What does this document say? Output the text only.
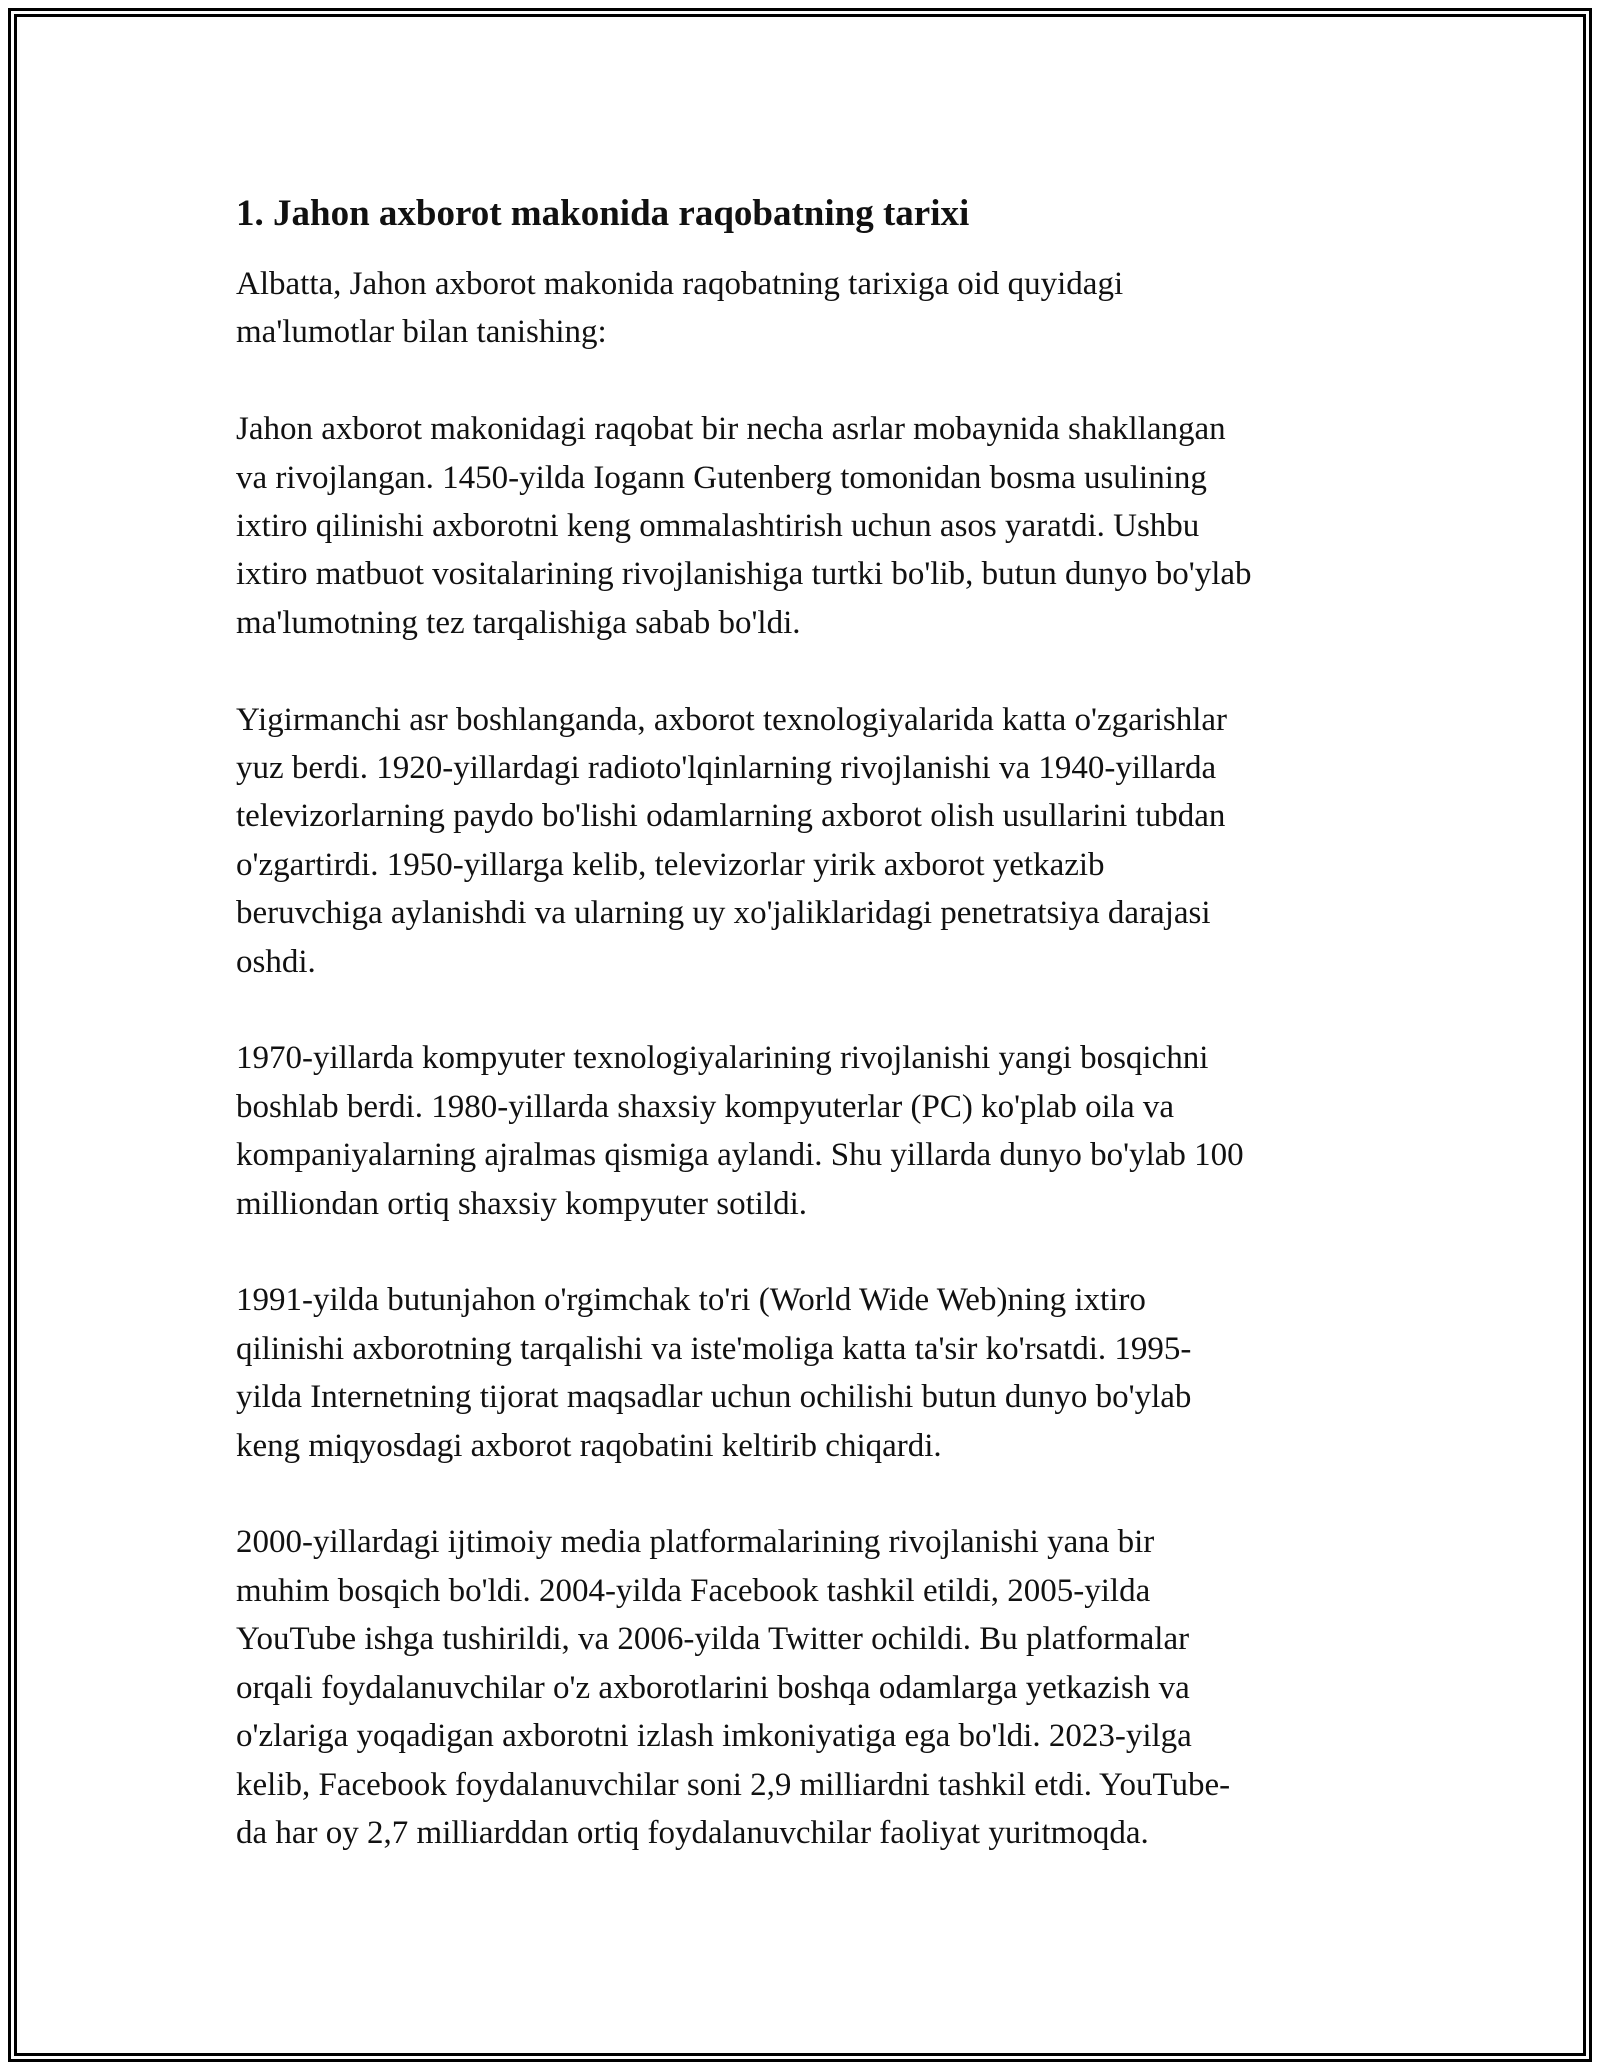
1. Jahon axborot makonida raqobatning tarixi

Albatta, Jahon axborot makonida raqobatning tarixiga oid quyidagi
ma'lumotlar bilan tanishing:

Jahon axborot makonidagi raqobat bir necha asrlar mobaynida shakllangan
va rivojlangan. 1450-yilda Iogann Gutenberg tomonidan bosma usulining
ixtiro qilinishi axborotni keng ommalashtirish uchun asos yaratdi. Ushbu
ixtiro matbuot vositalarining rivojlanishiga turtki bo'lib, butun dunyo bo'ylab
ma'lumotning tez tarqalishiga sabab bo'ldi.

Yigirmanchi asr boshlanganda, axborot texnologiyalarida katta o'zgarishlar
yuz berdi. 1920-yillardagi radioto'lqinlarning rivojlanishi va 1940-yillarda
televizorlarning paydo bo'lishi odamlarning axborot olish usullarini tubdan
o'zgartirdi. 1950-yillarga kelib, televizorlar yirik axborot yetkazib
beruvchiga aylanishdi va ularning uy xo'jaliklaridagi penetratsiya darajasi
oshdi.

1970-yillarda kompyuter texnologiyalarining rivojlanishi yangi bosqichni
boshlab berdi. 1980-yillarda shaxsiy kompyuterlar (PC) ko'plab oila va
kompaniyalarning ajralmas qismiga aylandi. Shu yillarda dunyo bo'ylab 100
milliondan ortiq shaxsiy kompyuter sotildi.

1991-yilda butunjahon o'rgimchak to'ri (World Wide Web)ning ixtiro
qilinishi axborotning tarqalishi va iste'moliga katta ta'sir ko'rsatdi. 1995-
yilda Internetning tijorat maqsadlar uchun ochilishi butun dunyo bo'ylab
keng miqyosdagi axborot raqobatini keltirib chiqardi.

2000-yillardagi ijtimoiy media platformalarining rivojlanishi yana bir
muhim bosqich bo'ldi. 2004-yilda Facebook tashkil etildi, 2005-yilda
YouTube ishga tushirildi, va 2006-yilda Twitter ochildi. Bu platformalar
orqali foydalanuvchilar o'z axborotlarini boshqa odamlarga yetkazish va
o'zlariga yoqadigan axborotni izlash imkoniyatiga ega bo'ldi. 2023-yilga
kelib, Facebook foydalanuvchilar soni 2,9 milliardni tashkil etdi. YouTube-
da har oy 2,7 milliarddan ortiq foydalanuvchilar faoliyat yuritmoqda.
